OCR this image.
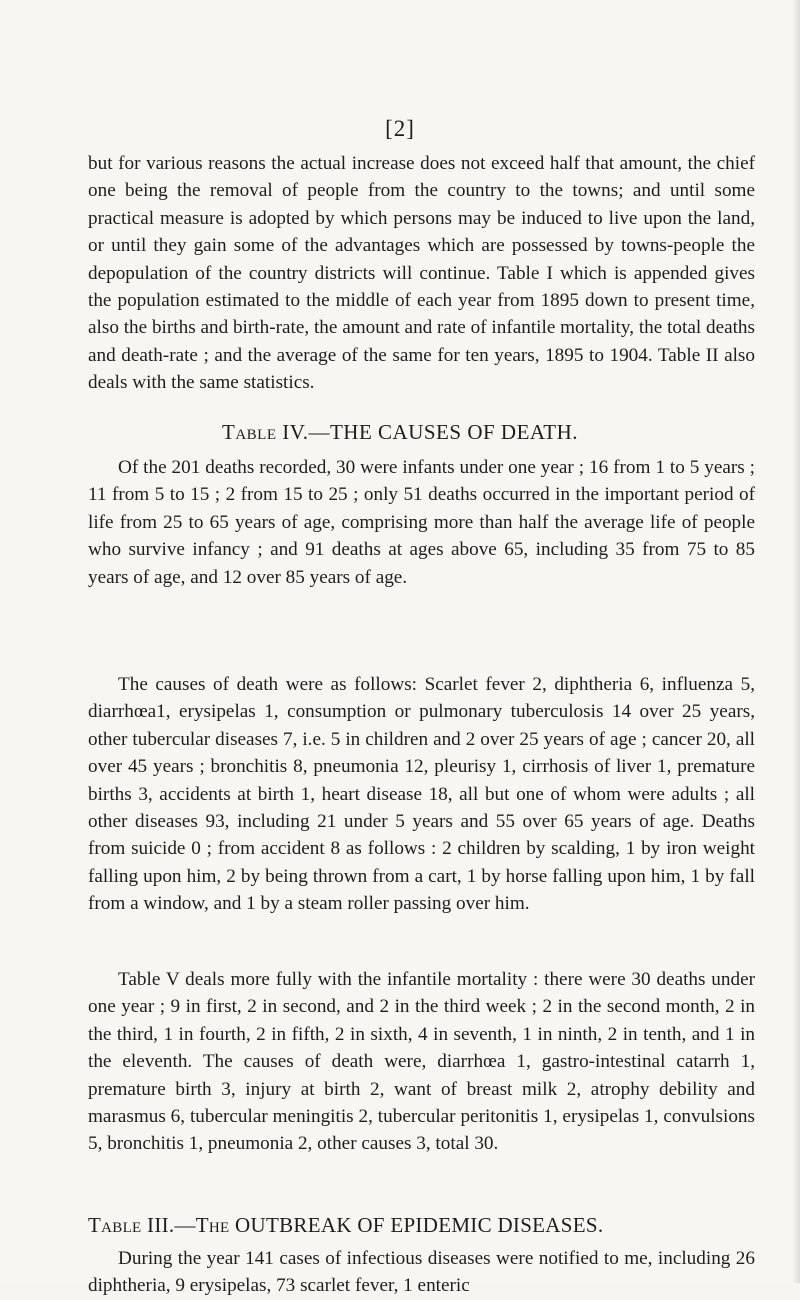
[2]
but for various reasons the actual increase does not exceed half that amount, the chief one being the removal of people from the country to the towns; and until some practical measure is adopted by which persons may be induced to live upon the land, or until they gain some of the advantages which are possessed by towns-people the depopulation of the country districts will continue. Table I which is appended gives the population estimated to the middle of each year from 1895 down to present time, also the births and birth-rate, the amount and rate of infantile mortality, the total deaths and death-rate ; and the average of the same for ten years, 1895 to 1904. Table II also deals with the same statistics.
Table IV.—THE CAUSES OF DEATH.
Of the 201 deaths recorded, 30 were infants under one year ; 16 from 1 to 5 years ; 11 from 5 to 15 ; 2 from 15 to 25 ; only 51 deaths occurred in the important period of life from 25 to 65 years of age, comprising more than half the average life of people who survive infancy ; and 91 deaths at ages above 65, including 35 from 75 to 85 years of age, and 12 over 85 years of age.
The causes of death were as follows: Scarlet fever 2, diphtheria 6, influenza 5, diarrhœa1, erysipelas 1, consumption or pulmonary tuberculosis 14 over 25 years, other tubercular diseases 7, i.e. 5 in children and 2 over 25 years of age ; cancer 20, all over 45 years ; bronchitis 8, pneumonia 12, pleurisy 1, cirrhosis of liver 1, premature births 3, accidents at birth 1, heart disease 18, all but one of whom were adults ; all other diseases 93, including 21 under 5 years and 55 over 65 years of age. Deaths from suicide 0 ; from accident 8 as follows : 2 children by scalding, 1 by iron weight falling upon him, 2 by being thrown from a cart, 1 by horse falling upon him, 1 by fall from a window, and 1 by a steam roller passing over him.
Table V deals more fully with the infantile mortality : there were 30 deaths under one year ; 9 in first, 2 in second, and 2 in the third week ; 2 in the second month, 2 in the third, 1 in fourth, 2 in fifth, 2 in sixth, 4 in seventh, 1 in ninth, 2 in tenth, and 1 in the eleventh. The causes of death were, diarrhœa 1, gastro-intestinal catarrh 1, premature birth 3, injury at birth 2, want of breast milk 2, atrophy debility and marasmus 6, tubercular meningitis 2, tubercular peritonitis 1, erysipelas 1, convulsions 5, bronchitis 1, pneumonia 2, other causes 3, total 30.
Table III.—The OUTBREAK OF EPIDEMIC DISEASES.
During the year 141 cases of infectious diseases were notified to me, including 26 diphtheria, 9 erysipelas, 73 scarlet fever, 1 enteric
